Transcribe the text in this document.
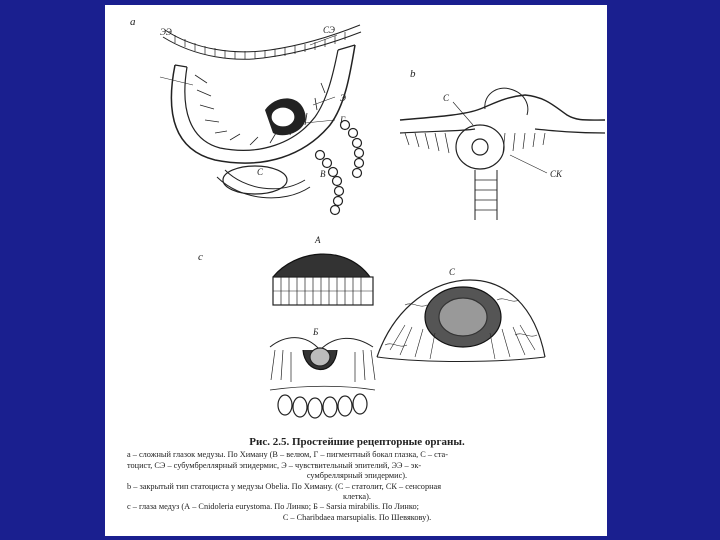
a
b
c
ЭЭ	СЭ
Э
Г
В
С
С
СК
А
Б
С
Рис. 2.5. Простейшие рецепторные органы.
а – сложный глазок медузы. По Химану (В – велюм, Г – пигментный бокал глазка, С – ста-
тоцист, СЭ – субумбреллярный эпидермис, Э – чувствительный эпителий, ЭЭ – эк-
сумбреллярный эпидермис).
b – закрытый тип статоциста у медузы Obelia. По Химану. (С – статолит, СК – сенсорная
клетка).
c – глаза медуз (А – Cnidoleria eurystoma. По Линко; Б – Sarsia mirabilis. По Линко;
С – Charibdaea marsupialis. По Шевякову).
